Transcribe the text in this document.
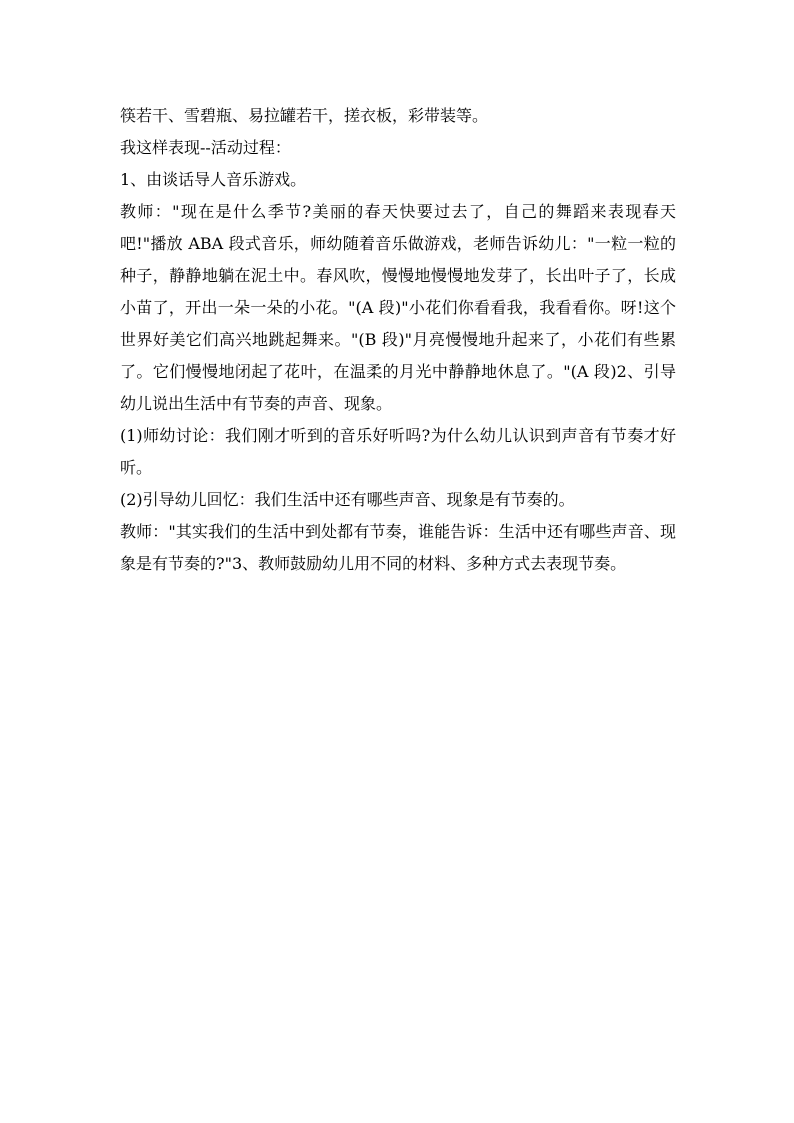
筷若干、雪碧瓶、易拉罐若干，搓衣板，彩带装等。

我这样表现--活动过程：

1、由谈话导人音乐游戏。

教师："现在是什么季节?美丽的春天快要过去了，自己的舞蹈来表现春天吧!"播放 ABA 段式音乐，师幼随着音乐做游戏，老师告诉幼儿："一粒一粒的种子，静静地躺在泥土中。春风吹，慢慢地慢慢地发芽了，长出叶子了，长成小苗了，开出一朵一朵的小花。"(A 段)"小花们你看看我，我看看你。呀!这个世界好美它们高兴地跳起舞来。"(B 段)"月亮慢慢地升起来了，小花们有些累了。它们慢慢地闭起了花叶，在温柔的月光中静静地休息了。"(A 段)2、引导幼儿说出生活中有节奏的声音、现象。

(1)师幼讨论：我们刚才听到的音乐好听吗?为什么幼儿认识到声音有节奏才好听。

(2)引导幼儿回忆：我们生活中还有哪些声音、现象是有节奏的。

教师："其实我们的生活中到处都有节奏，谁能告诉：生活中还有哪些声音、现象是有节奏的?"3、教师鼓励幼儿用不同的材料、多种方式去表现节奏。
